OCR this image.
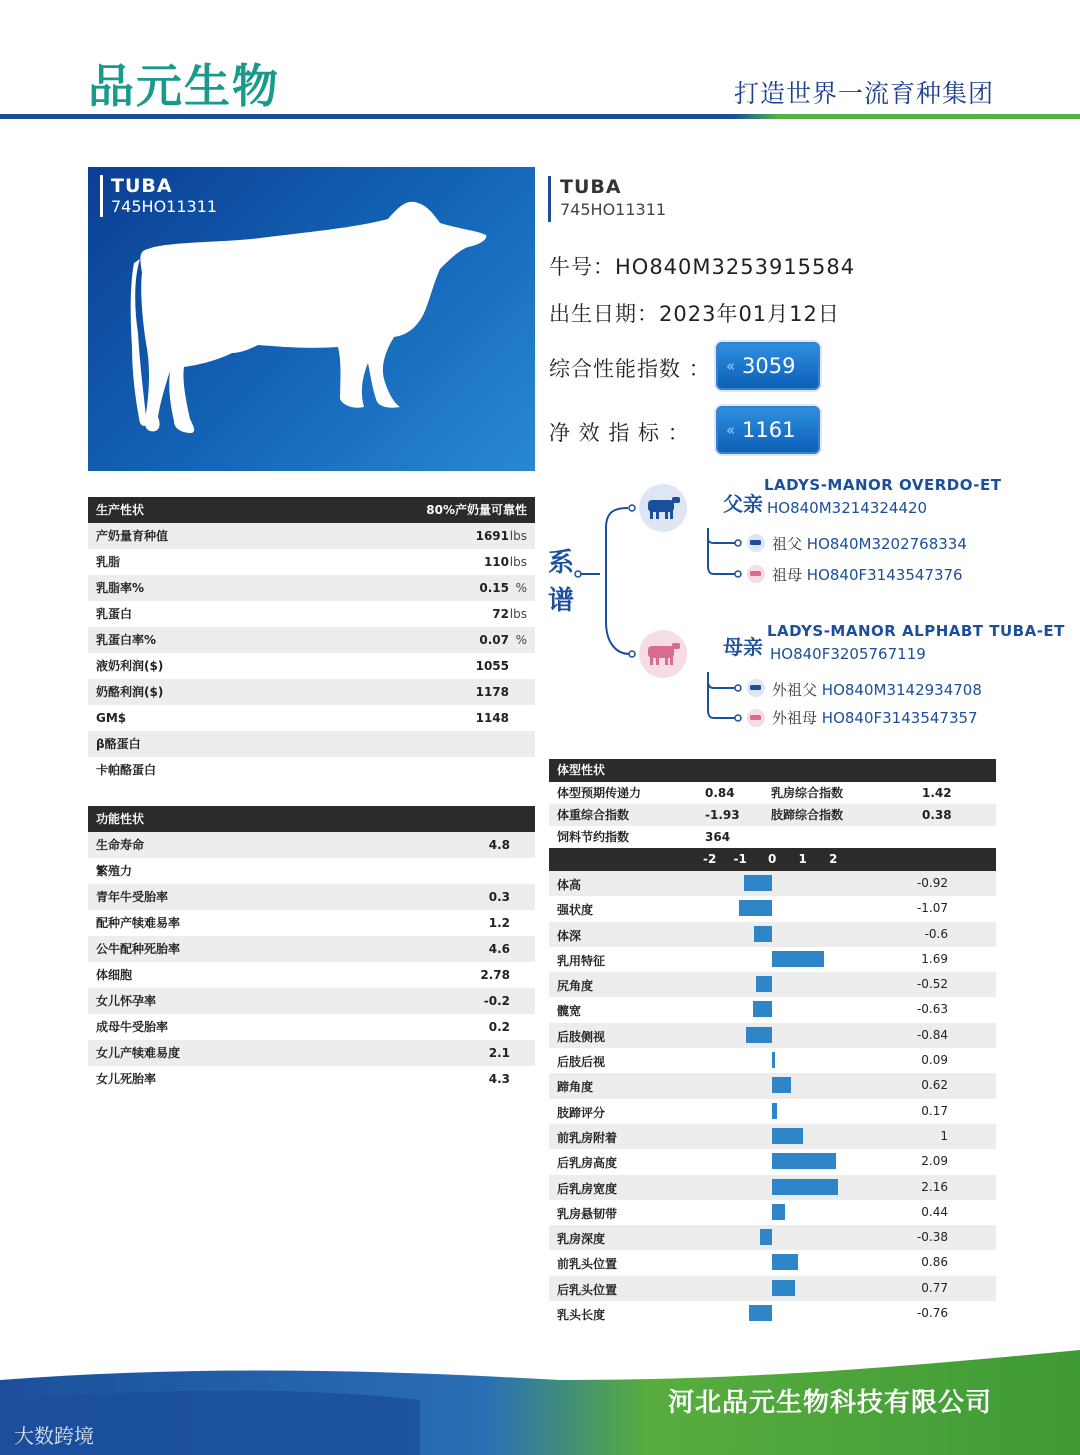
品元生物	打造世界一流育种集团
TUBA
745HO11311
TUBA
745HO11311
牛号：HO840M3253915584
出生日期：2023年01月12日
综合性能指数 ： « 3059
净 效 指 标 ： « 1161
系谱
父亲
LADYS-MANOR OVERDO-ET
HO840M3214324420
祖父 HO840M3202768334
祖母 HO840F3143547376
母亲
LADYS-MANOR ALPHABT TUBA-ET
HO840F3205767119
外祖父 HO840M3142934708
外祖母 HO840F3143547357
生产性状	80%产奶量可靠性
产奶量育种值	1691 lbs
乳脂	110 lbs
乳脂率%	0.15 %
乳蛋白	72 lbs
乳蛋白率%	0.07 %
液奶利润($)	1055
奶酪利润($)	1178
GM$	1148
β酪蛋白
卡帕酪蛋白
功能性状
生命寿命	4.8
繁殖力
青年牛受胎率	0.3
配种产犊难易率	1.2
公牛配种死胎率	4.6
体细胞	2.78
女儿怀孕率	-0.2
成母牛受胎率	0.2
女儿产犊难易度	2.1
女儿死胎率	4.3
体型性状
体型预期传递力	0.84	乳房综合指数	1.42
体重综合指数	-1.93	肢蹄综合指数	0.38
饲料节约指数	364
-2 -1 0 1 2
体高	-0.92
强状度	-1.07
体深	-0.6
乳用特征	1.69
尻角度	-0.52
髋宽	-0.63
后肢侧视	-0.84
后肢后视	0.09
蹄角度	0.62
肢蹄评分	0.17
前乳房附着	1
后乳房高度	2.09
后乳房宽度	2.16
乳房悬韧带	0.44
乳房深度	-0.38
前乳头位置	0.86
后乳头位置	0.77
乳头长度	-0.76
河北品元生物科技有限公司
大数跨境
